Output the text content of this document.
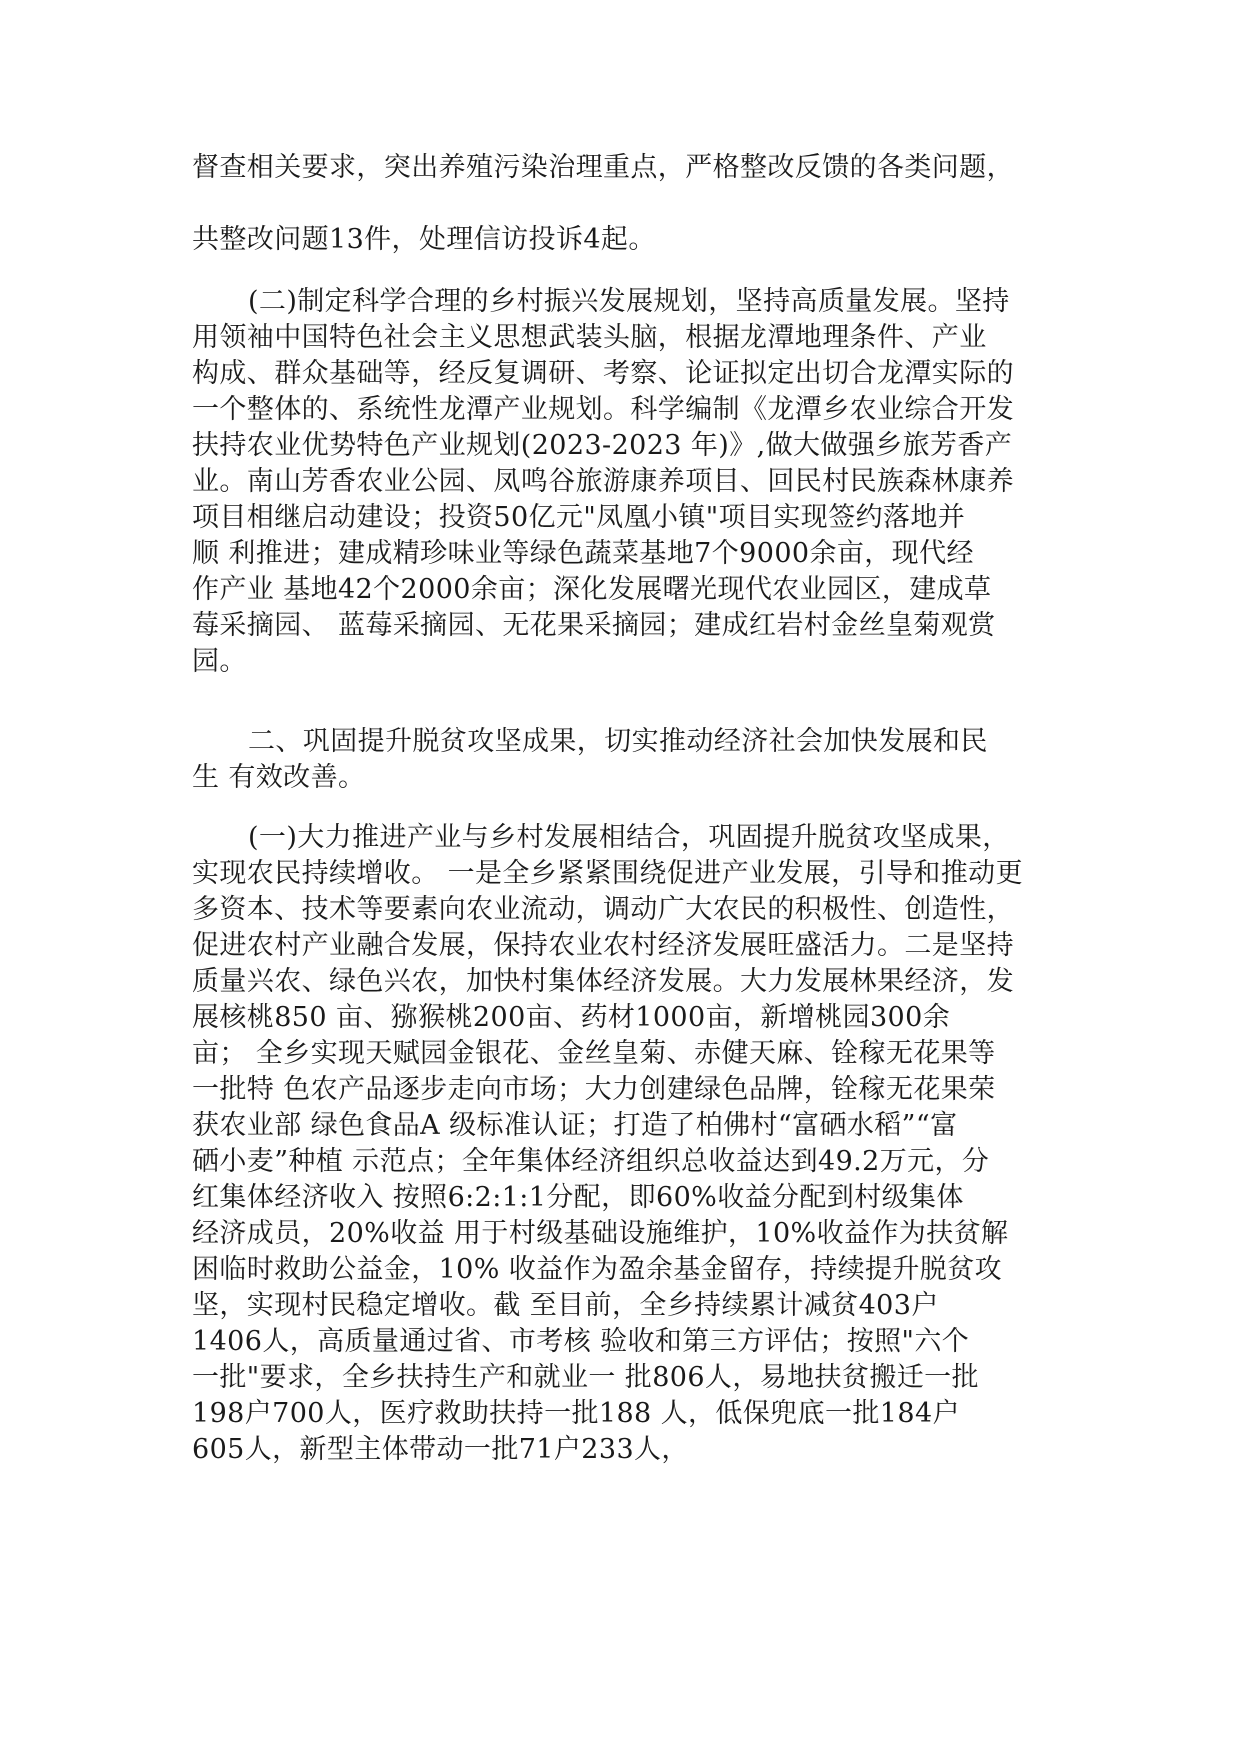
督查相关要求，突出养殖污染治理重点，严格整改反馈的各类问题，
共整改问题13件，处理信访投诉4起。
(二)制定科学合理的乡村振兴发展规划，坚持高质量发展。坚持
用领袖中国特色社会主义思想武装头脑，根据龙潭地理条件、产业
构成、群众基础等，经反复调研、考察、论证拟定出切合龙潭实际的
一个整体的、系统性龙潭产业规划。科学编制《龙潭乡农业综合开发
扶持农业优势特色产业规划(2023-2023 年)》,做大做强乡旅芳香产
业。南山芳香农业公园、凤鸣谷旅游康养项目、回民村民族森林康养
项目相继启动建设；投资50亿元"凤凰小镇"项目实现签约落地并
顺 利推进；建成精珍味业等绿色蔬菜基地7个9000余亩，现代经
作产业 基地42个2000余亩；深化发展曙光现代农业园区，建成草
莓采摘园、 蓝莓采摘园、无花果采摘园；建成红岩村金丝皇菊观赏
园。
二、巩固提升脱贫攻坚成果，切实推动经济社会加快发展和民
生 有效改善。
(一)大力推进产业与乡村发展相结合，巩固提升脱贫攻坚成果，
实现农民持续增收。 一是全乡紧紧围绕促进产业发展，引导和推动更
多资本、技术等要素向农业流动，调动广大农民的积极性、创造性，
促进农村产业融合发展，保持农业农村经济发展旺盛活力。二是坚持
质量兴农、绿色兴农，加快村集体经济发展。大力发展林果经济，发
展核桃850 亩、猕猴桃200亩、药材1000亩，新增桃园300余
亩； 全乡实现天赋园金银花、金丝皇菊、赤健天麻、铨稼无花果等
一批特 色农产品逐步走向市场；大力创建绿色品牌，铨稼无花果荣
获农业部 绿色食品A 级标准认证；打造了柏佛村“富硒水稻”“富
硒小麦”种植 示范点；全年集体经济组织总收益达到49.2万元，分
红集体经济收入 按照6:2:1:1分配，即60%收益分配到村级集体
经济成员，20%收益 用于村级基础设施维护，10%收益作为扶贫解
困临时救助公益金，10% 收益作为盈余基金留存，持续提升脱贫攻
坚，实现村民稳定增收。截 至目前，全乡持续累计减贫403户
1406人，高质量通过省、市考核 验收和第三方评估；按照"六个
一批"要求，全乡扶持生产和就业一 批806人，易地扶贫搬迁一批
198户700人，医疗救助扶持一批188 人，低保兜底一批184户
605人，新型主体带动一批71户233人，
